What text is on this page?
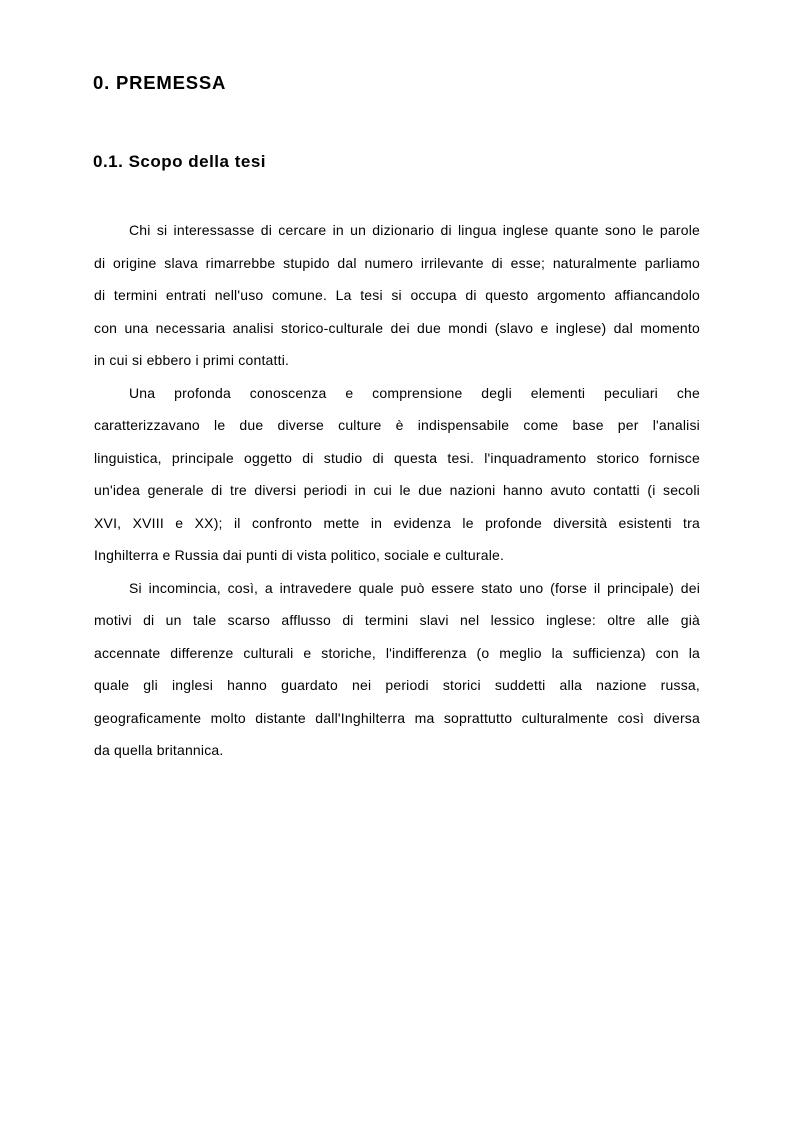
0. PREMESSA
0.1. Scopo della tesi
Chi si interessasse di cercare in un dizionario di lingua inglese quante sono le parole
di origine slava rimarrebbe stupido dal numero irrilevante di esse; naturalmente parliamo
di termini entrati nell'uso comune. La tesi si occupa di questo argomento affiancandolo
con una necessaria analisi storico-culturale dei due mondi (slavo e inglese) dal momento
in cui si ebbero i primi contatti.
Una profonda conoscenza e comprensione degli elementi peculiari che
caratterizzavano le due diverse culture è indispensabile come base per l'analisi
linguistica, principale oggetto di studio di questa tesi. l'inquadramento storico fornisce
un'idea generale di tre diversi periodi in cui le due nazioni hanno avuto contatti (i secoli
XVI, XVIII e XX); il confronto mette in evidenza le profonde diversità esistenti tra
Inghilterra e Russia dai punti di vista politico, sociale e culturale.
Si incomincia, così, a intravedere quale può essere stato uno (forse il principale) dei
motivi di un tale scarso afflusso di termini slavi nel lessico inglese: oltre alle già
accennate differenze culturali e storiche, l'indifferenza (o meglio la sufficienza) con la
quale gli inglesi hanno guardato nei periodi storici suddetti alla nazione russa,
geograficamente molto distante dall'Inghilterra ma soprattutto culturalmente così diversa
da quella britannica.
